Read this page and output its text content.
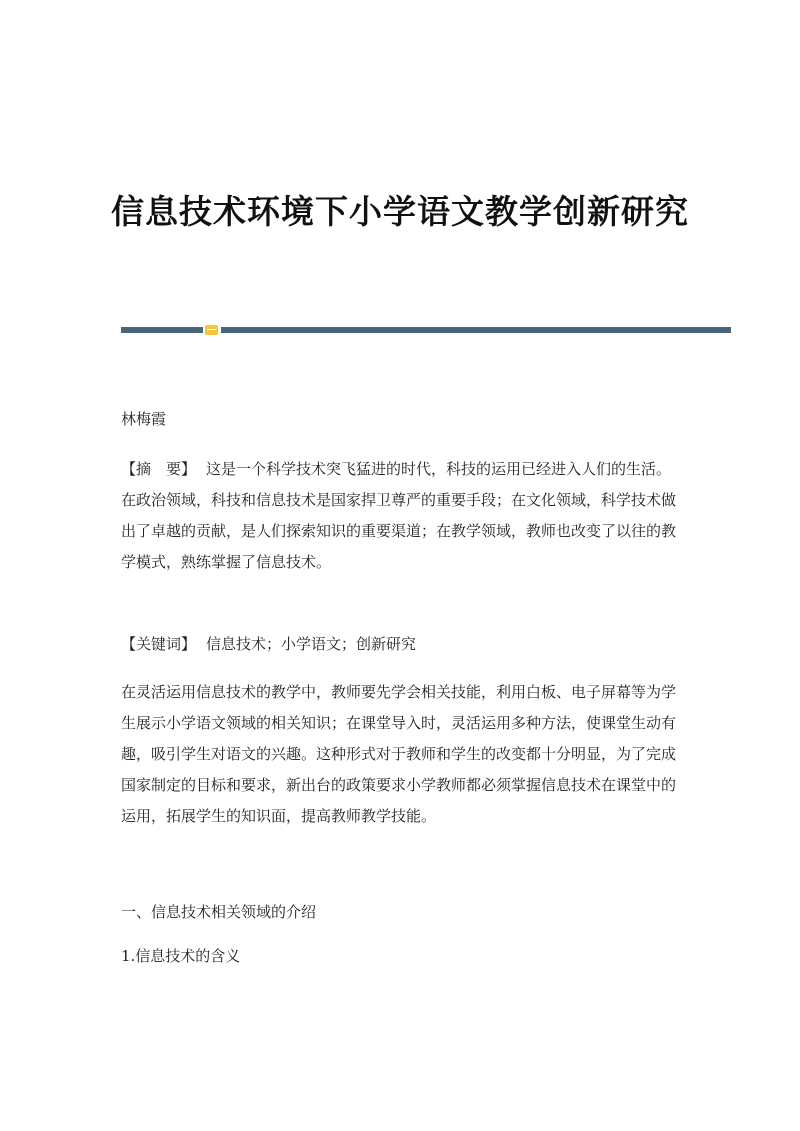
信息技术环境下小学语文教学创新研究
林梅霞
【摘　要】 这是一个科学技术突飞猛进的时代，科技的运用已经进入人们的生活。在政治领域，科技和信息技术是国家捍卫尊严的重要手段；在文化领域，科学技术做出了卓越的贡献，是人们探索知识的重要渠道；在教学领域，教师也改变了以往的教学模式，熟练掌握了信息技术。
【关键词】 信息技术；小学语文；创新研究
在灵活运用信息技术的教学中，教师要先学会相关技能，利用白板、电子屏幕等为学生展示小学语文领域的相关知识；在课堂导入时，灵活运用多种方法，使课堂生动有趣，吸引学生对语文的兴趣。这种形式对于教师和学生的改变都十分明显，为了完成国家制定的目标和要求，新出台的政策要求小学教师都必须掌握信息技术在课堂中的运用，拓展学生的知识面，提高教师教学技能。
一、信息技术相关领域的介绍
1.信息技术的含义
